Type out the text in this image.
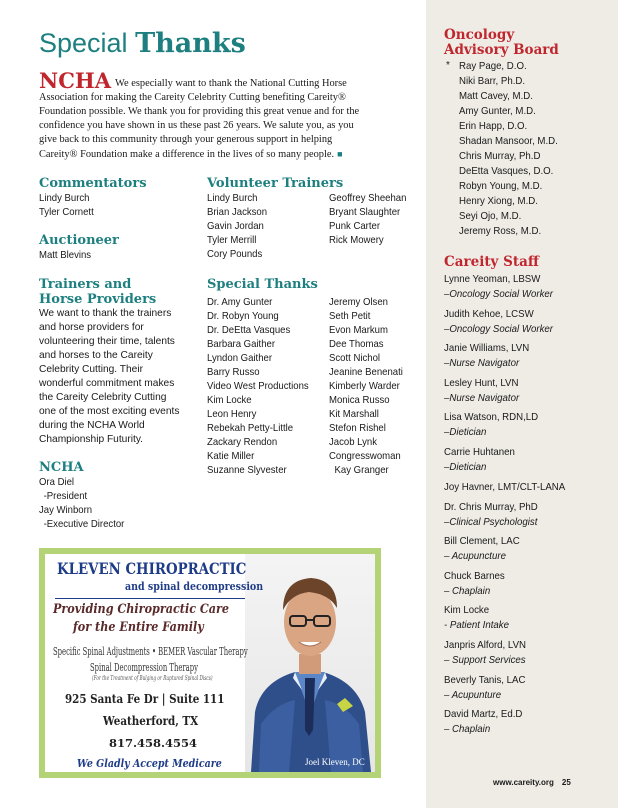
Special Thanks
NCHA We especially want to thank the National Cutting Horse Association for making the Careity Celebrity Cutting benefiting Careity® Foundation possible. We thank you for providing this great venue and for the confidence you have shown in us these past 26 years. We salute you, as you give back to this community through your generous support in helping Careity® Foundation make a difference in the lives of so many people. ■
Commentators
Lindy Burch
Tyler Cornett
Auctioneer
Matt Blevins
Trainers and
Horse Providers
We want to thank the trainers and horse providers for volunteering their time, talents and horses to the Careity Celebrity Cutting. Their wonderful commitment makes the Careity Celebrity Cutting one of the most exciting events during the NCHA World Championship Futurity.
NCHA
Ora Diel
-President
Jay Winborn
-Executive Director
Volunteer Trainers
Lindy Burch
Brian Jackson
Gavin Jordan
Tyler Merrill
Cory Pounds
Geoffrey Sheehan
Bryant Slaughter
Punk Carter
Rick Mowery
Special Thanks
Dr. Amy Gunter
Dr. Robyn Young
Dr. DeEtta Vasques
Barbara Gaither
Lyndon Gaither
Barry Russo
Video West Productions
Kim Locke
Leon Henry
Rebekah Petty-Little
Zackary Rendon
Katie Miller
Suzanne Slyvester
Jeremy Olsen
Seth Petit
Evon Markum
Dee Thomas
Scott Nichol
Jeanine Benenati
Kimberly Warder
Monica Russo
Kit Marshall
Stefon Rishel
Jacob Lynk
Congresswoman
Kay Granger
KLEVEN CHIROPRACTIC
and spinal decompression
Providing Chiropractic Care
for the Entire Family
Specific Spinal Adjustments • BEMER Vascular Therapy
Spinal Decompression Therapy
(For the Treatment of Bulging or Ruptured Spinal Discs)
925 Santa Fe Dr | Suite 111
Weatherford, TX
817.458.4554
We Gladly Accept Medicare	Joel Kleven, DC
Oncology
Advisory Board
* Ray Page, D.O.
Niki Barr, Ph.D.
Matt Cavey, M.D.
Amy Gunter, M.D.
Erin Happ, D.O.
Shadan Mansoor, M.D.
Chris Murray, Ph.D
DeEtta Vasques, D.O.
Robyn Young, M.D.
Henry Xiong, M.D.
Seyi Ojo, M.D.
Jeremy Ross, M.D.
Careity Staff
Lynne Yeoman, LBSW
–Oncology Social Worker
Judith Kehoe, LCSW
–Oncology Social Worker
Janie Williams, LVN
–Nurse Navigator
Lesley Hunt, LVN
–Nurse Navigator
Lisa Watson, RDN,LD
–Dietician
Carrie Huhtanen
–Dietician
Joy Havner, LMT/CLT-LANA
Dr. Chris Murray, PhD
–Clinical Psychologist
Bill Clement, LAC
– Acupuncture
Chuck Barnes
– Chaplain
Kim Locke
- Patient Intake
Janpris Alford, LVN
– Support Services
Beverly Tanis, LAC
– Acupunture
David Martz, Ed.D
– Chaplain
www.careity.org 25
